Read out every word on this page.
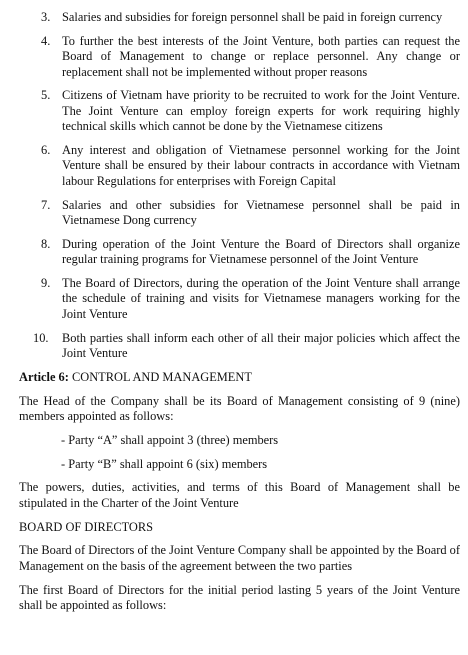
3. Salaries and subsidies for foreign personnel shall be paid in foreign currency
4. To further the best interests of the Joint Venture, both parties can request the Board of Management to change or replace personnel. Any change or replacement shall not be implemented without proper reasons
5. Citizens of Vietnam have priority to be recruited to work for the Joint Venture. The Joint Venture can employ foreign experts for work requiring highly technical skills which cannot be done by the Vietnamese citizens
6. Any interest and obligation of Vietnamese personnel working for the Joint Venture shall be ensured by their labour contracts in accordance with Vietnam labour Regulations for enterprises with Foreign Capital
7. Salaries and other subsidies for Vietnamese personnel shall be paid in Vietnamese Dong currency
8. During operation of the Joint Venture the Board of Directors shall organize regular training programs for Vietnamese personnel of the Joint Venture
9. The Board of Directors, during the operation of the Joint Venture shall arrange the schedule of training and visits for Vietnamese managers working for the Joint Venture
10.	Both parties shall inform each other of all their major policies which affect the Joint Venture
Article 6: CONTROL AND MANAGEMENT

The Head of the Company shall be its Board of Management consisting of 9 (nine) members appointed as follows:

- Party “A” shall appoint 3 (three) members

- Party “B” shall appoint 6 (six) members

The powers, duties, activities, and terms of this Board of Management shall be stipulated in the Charter of the Joint Venture

BOARD OF DIRECTORS

The Board of Directors of the Joint Venture Company shall be appointed by the Board of Management on the basis of the agreement between the two parties

The first Board of Directors for the initial period lasting 5 years of the Joint Venture shall be appointed as follows:
